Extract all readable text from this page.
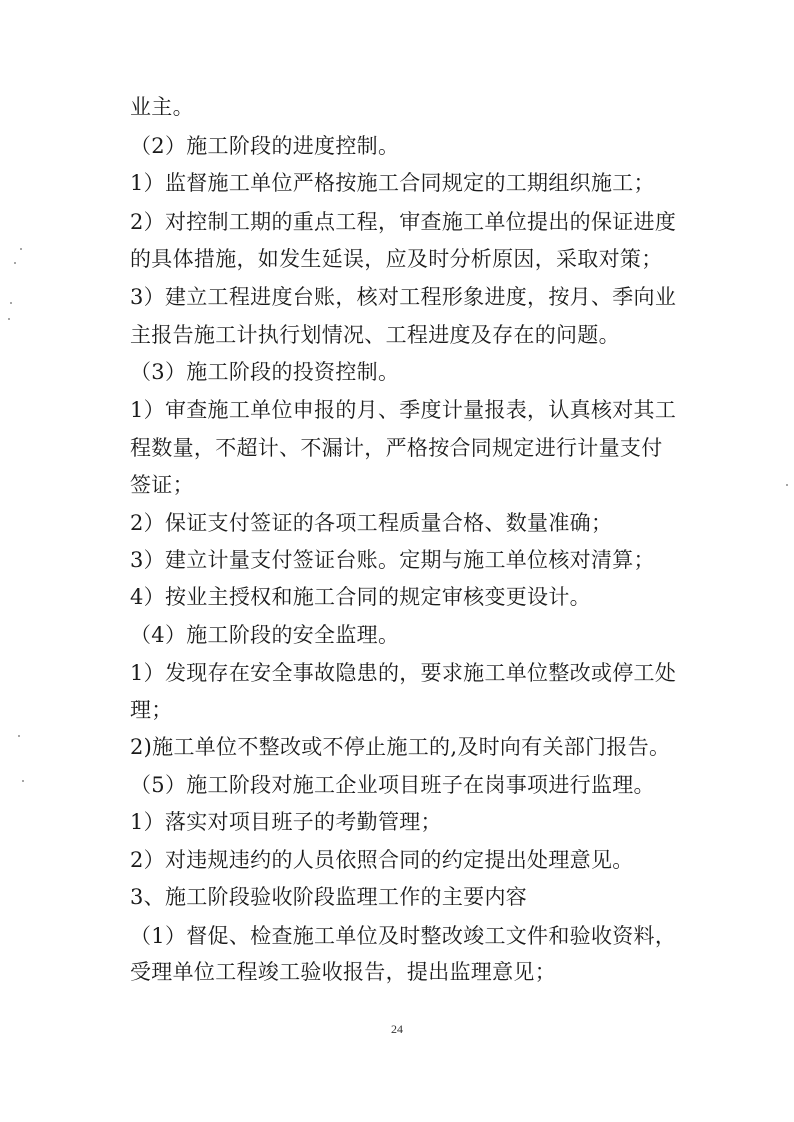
业主。
（2）施工阶段的进度控制。
1）监督施工单位严格按施工合同规定的工期组织施工；
2）对控制工期的重点工程，审查施工单位提出的保证进度
的具体措施，如发生延误，应及时分析原因，采取对策；
3）建立工程进度台账，核对工程形象进度，按月、季向业
主报告施工计执行划情况、工程进度及存在的问题。
（3）施工阶段的投资控制。
1）审查施工单位申报的月、季度计量报表，认真核对其工
程数量，不超计、不漏计，严格按合同规定进行计量支付
签证；
2）保证支付签证的各项工程质量合格、数量准确；
3）建立计量支付签证台账。定期与施工单位核对清算；
4）按业主授权和施工合同的规定审核变更设计。
（4）施工阶段的安全监理。
1）发现存在安全事故隐患的，要求施工单位整改或停工处
理；
2)施工单位不整改或不停止施工的,及时向有关部门报告。
（5）施工阶段对施工企业项目班子在岗事项进行监理。
1）落实对项目班子的考勤管理；
2）对违规违约的人员依照合同的约定提出处理意见。
3、施工阶段验收阶段监理工作的主要内容
（1）督促、检查施工单位及时整改竣工文件和验收资料，
受理单位工程竣工验收报告，提出监理意见；
24
